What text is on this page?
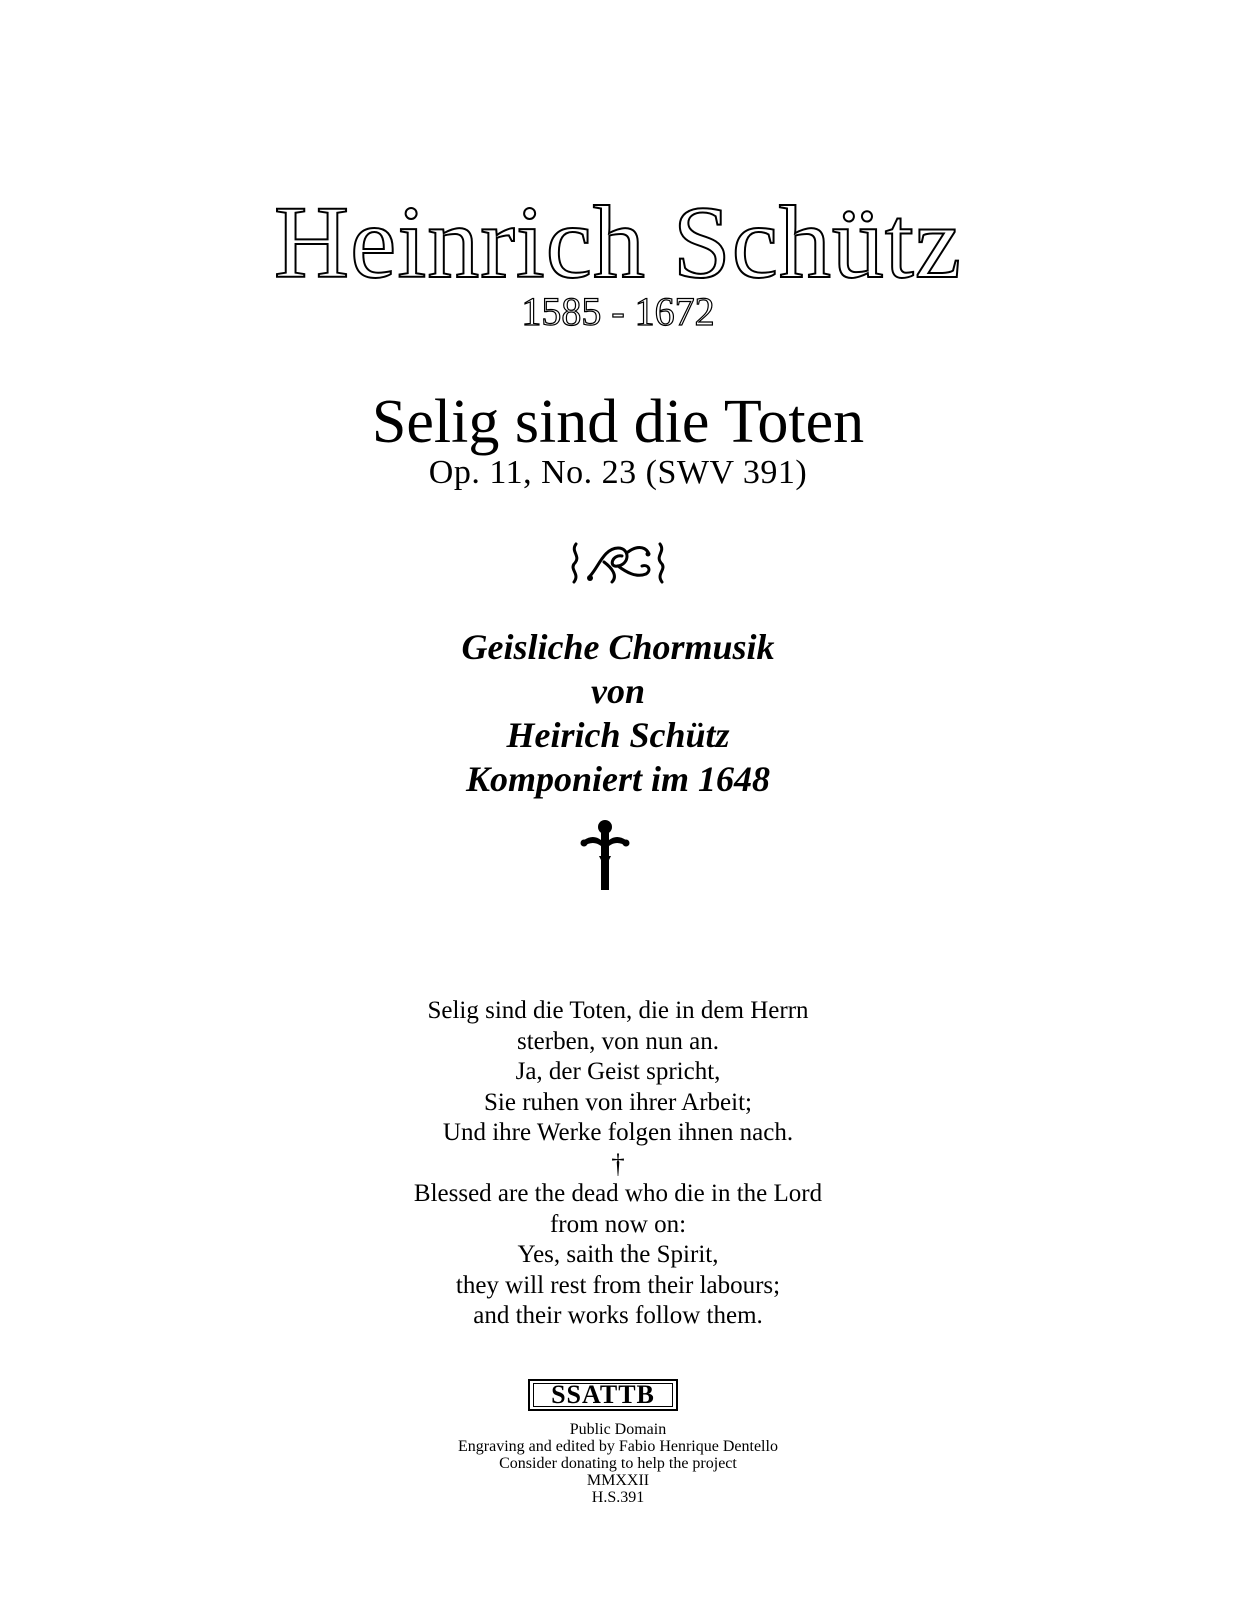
Heinrich Schütz
1585 - 1672
Selig sind die Toten
Op. 11, No. 23 (SWV 391)
Geisliche Chormusik
von
Heirich Schütz
Komponiert im 1648
Selig sind die Toten, die in dem Herrn
sterben, von nun an.
Ja, der Geist spricht,
Sie ruhen von ihrer Arbeit;
Und ihre Werke folgen ihnen nach.
†
Blessed are the dead who die in the Lord
from now on:
Yes, saith the Spirit,
they will rest from their labours;
and their works follow them.
SSATTB
Public Domain
Engraving and edited by Fabio Henrique Dentello
Consider donating to help the project
MMXXII
H.S.391
